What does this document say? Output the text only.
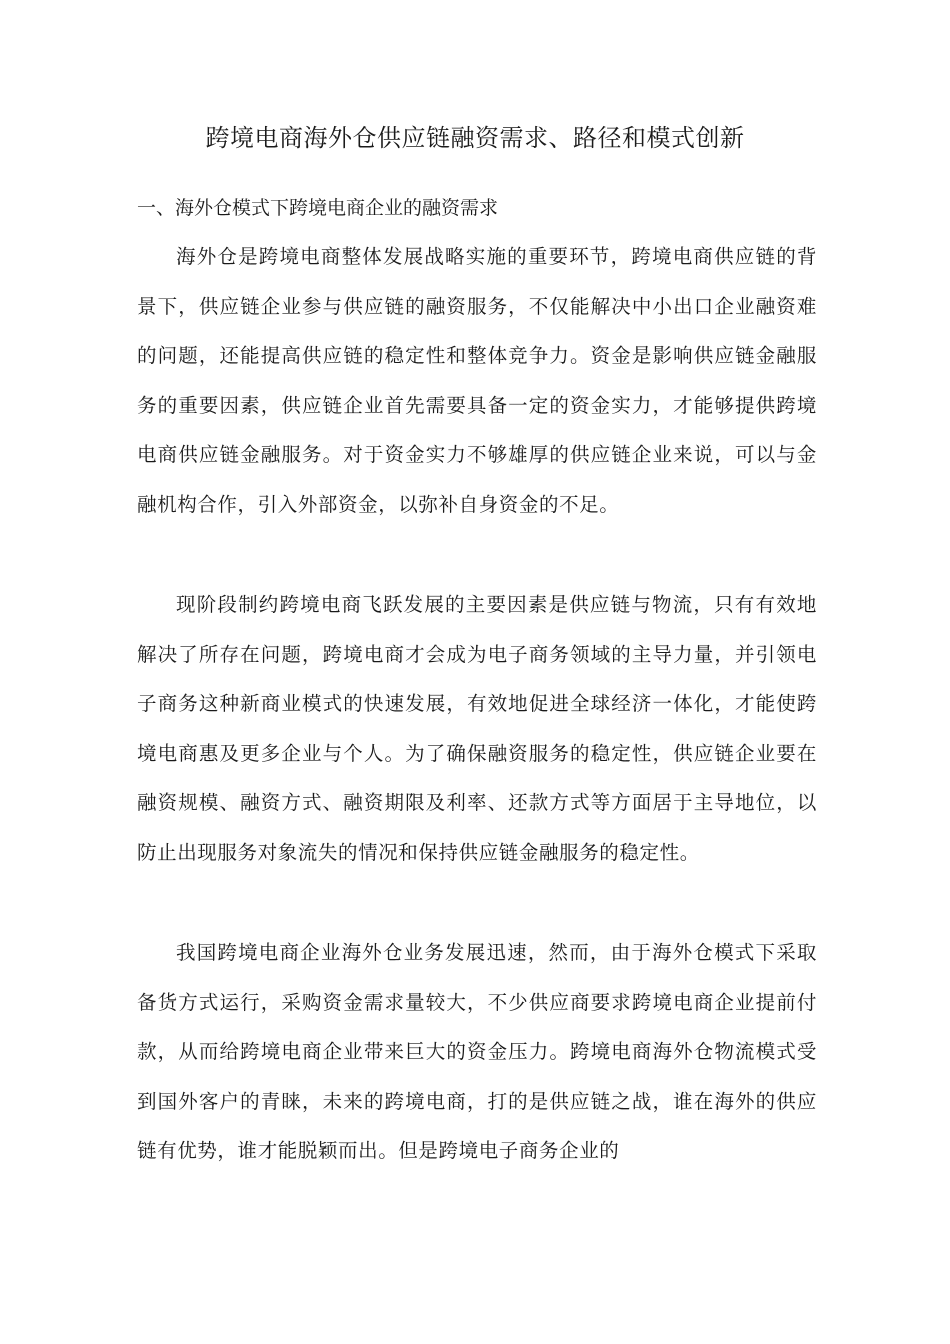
跨境电商海外仓供应链融资需求、路径和模式创新
一、海外仓模式下跨境电商企业的融资需求

海外仓是跨境电商整体发展战略实施的重要环节，跨境电商供应链的背景下，供应链企业参与供应链的融资服务，不仅能解决中小出口企业融资难的问题，还能提高供应链的稳定性和整体竞争力。资金是影响供应链金融服务的重要因素，供应链企业首先需要具备一定的资金实力，才能够提供跨境电商供应链金融服务。对于资金实力不够雄厚的供应链企业来说，可以与金融机构合作，引入外部资金，以弥补自身资金的不足。

现阶段制约跨境电商飞跃发展的主要因素是供应链与物流，只有有效地解决了所存在问题，跨境电商才会成为电子商务领域的主导力量，并引领电子商务这种新商业模式的快速发展，有效地促进全球经济一体化，才能使跨境电商惠及更多企业与个人。为了确保融资服务的稳定性，供应链企业要在融资规模、融资方式、融资期限及利率、还款方式等方面居于主导地位，以防止出现服务对象流失的情况和保持供应链金融服务的稳定性。

我国跨境电商企业海外仓业务发展迅速，然而，由于海外仓模式下采取备货方式运行，采购资金需求量较大，不少供应商要求跨境电商企业提前付款，从而给跨境电商企业带来巨大的资金压力。跨境电商海外仓物流模式受到国外客户的青睐，未来的跨境电商，打的是供应链之战，谁在海外的供应链有优势，谁才能脱颖而出。但是跨境电子商务企业的
